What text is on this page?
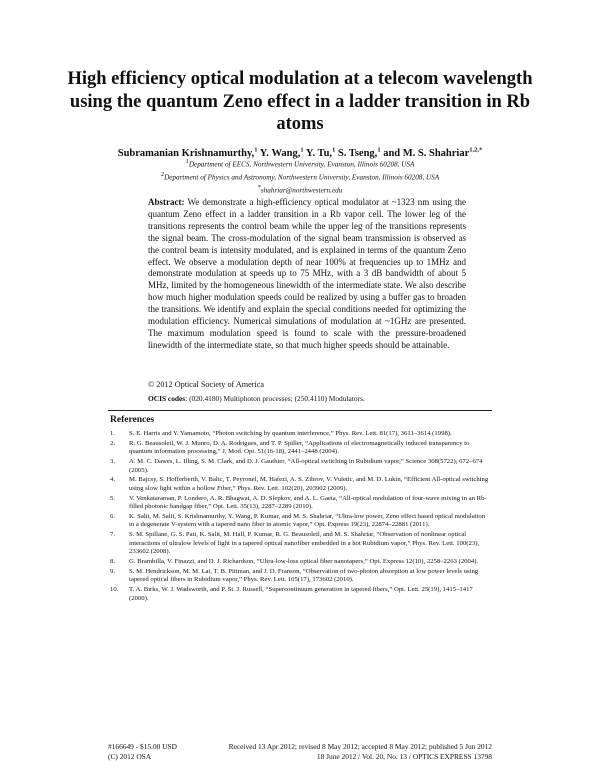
High efficiency optical modulation at a telecom wavelength using the quantum Zeno effect in a ladder transition in Rb atoms
Subramanian Krishnamurthy,$^1$ Y. Wang,$^1$ Y. Tu,$^1$ S. Tseng,$^1$ and M. S. Shahriar$^{1,2,*}$
$^1$Department of EECS, Northwestern University, Evanston, Illinois 60208, USA
$^2$Department of Physics and Astronomy, Northwestern University, Evanston, Illinois 60208, USA
*shahriar@northwestern.edu

Abstract: We demonstrate a high-efficiency optical modulator at ~1323 nm using the quantum Zeno effect in a ladder transition in a Rb vapor cell. The lower leg of the transitions represents the control beam while the upper leg of the transitions represents the signal beam. The cross-modulation of the signal beam transmission is observed as the control beam is intensity modulated, and is explained in terms of the quantum Zeno effect. We observe a modulation depth of near 100% at frequencies up to 1MHz and demonstrate modulation at speeds up to 75 MHz, with a 3 dB bandwidth of about 5 MHz, limited by the homogeneous linewidth of the intermediate state. We also describe how much higher modulation speeds could be realized by using a buffer gas to broaden the transitions. We identify and explain the special conditions needed for optimizing the modulation efficiency. Numerical simulations of modulation at ~1GHz are presented. The maximum modulation speed is found to scale with the pressure-broadened linewidth of the intermediate state, so that much higher speeds should be attainable.

© 2012 Optical Society of America
OCIS codes: (020.4180) Multiphoton processes; (250.4110) Modulators.
References
1.	S. E. Harris and Y. Yamamoto, “Photon switching by quantum interference,” Phys. Rev. Lett. 81(17), 3611–3614 (1998).
2.	R. G. Beausoleil, W. J. Munro, D. A. Rodrigues, and T. P. Spiller, “Applications of electromagnetically induced transparency to quantum information processing,” J. Mod. Opt. 51(16-18), 2441–2448 (2004).
3.	A. M. C. Dawes, L. Illing, S. M. Clark, and D. J. Gauthier, “All-optical switching in Rubidium vapor,” Science 308(5722), 672–674 (2005).
4.	M. Bajcsy, S. Hofferberth, V. Balic, T. Peyronel, M. Hafezi, A. S. Zibrov, V. Vuletic, and M. D. Lukin, “Efficient All-optical switching using slow light within a hollow Fiber,” Phys. Rev. Lett. 102(20), 203902 (2009).
5.	V. Venkataraman, P. Londero, A. R. Bhagwat, A. D. Slepkov, and A. L. Gaeta, “All-optical modulation of four-wave mixing in an Rb-filled photonic bandgap fiber,” Opt. Lett. 35(13), 2287–2289 (2010).
6.	K. Salit, M. Salit, S. Krishnamurthy, Y. Wang, P. Kumar, and M. S. Shahriar, “Ultra-low power, Zeno effect based optical modulation in a degenerate V-system with a tapered nano fiber in atomic vapor,” Opt. Express 19(23), 22874–22881 (2011).
7.	S. M. Spillane, G. S. Pati, K. Salit, M. Hall, P. Kumar, R. G. Beausoleil, and M. S. Shahriar, “Observation of nonlinear optical interactions of ultralow levels of light in a tapered optical nanofiber embedded in a hot Rubidium vapor,” Phys. Rev. Lett. 100(23), 233602 (2008).
8.	G. Brambilla, V. Finazzi, and D. J. Richardson, “Ultra-low-loss optical fiber nanotapers,” Opt. Express 12(10), 2258–2263 (2004).
9.	S. M. Hendrickson, M. M. Lai, T. B. Pittman, and J. D. Franson, “Observation of two-photon absorption at low power levels using tapered optical fibers in Rubidium vapor,” Phys. Rev. Lett. 105(17), 173602 (2010).
10.	T. A. Birks, W. J. Wadsworth, and P. St. J. Russell, “Supercontinuum generation in tapered fibers,” Opt. Lett. 25(19), 1415–1417 (2000).
#166649 - $15.00 USD	Received 13 Apr 2012; revised 8 May 2012; accepted 8 May 2012; published 5 Jun 2012
(C) 2012 OSA	18 June 2012 / Vol. 20, No. 13 / OPTICS EXPRESS 13798
